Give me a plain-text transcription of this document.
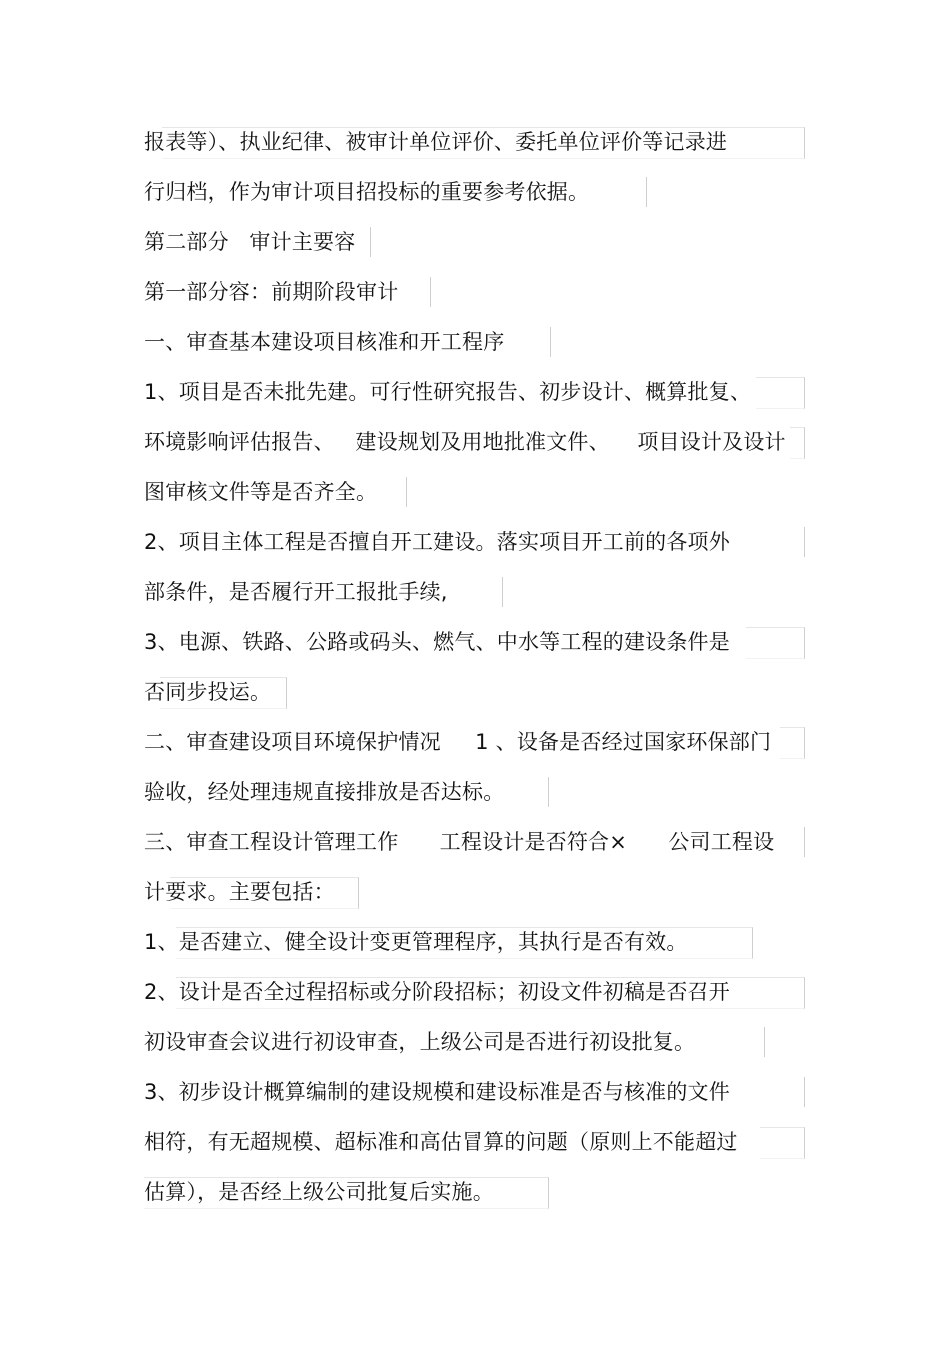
报表等）、执业纪律、被审计单位评价、委托单位评价等记录进
行归档，作为审计项目招投标的重要参考依据。
第二部分   审计主要容
第一部分容：前期阶段审计
一、审查基本建设项目核准和开工程序
1、项目是否未批先建。可行性研究报告、初步设计、概算批复、
环境影响评估报告、   建设规划及用地批准文件、    项目设计及设计
图审核文件等是否齐全。
2、项目主体工程是否擅自开工建设。落实项目开工前的各项外
部条件，是否履行开工报批手续,
3、电源、铁路、公路或码头、燃气、中水等工程的建设条件是
否同步投运。
二、审查建设项目环境保护情况     1 、设备是否经过国家环保部门
验收，经处理违规直接排放是否达标。
三、审查工程设计管理工作      工程设计是否符合×      公司工程设
计要求。主要包括：
1、是否建立、健全设计变更管理程序，其执行是否有效。
2、设计是否全过程招标或分阶段招标；初设文件初稿是否召开
初设审查会议进行初设审查，上级公司是否进行初设批复。
3、初步设计概算编制的建设规模和建设标准是否与核准的文件
相符，有无超规模、超标准和高估冒算的问题（原则上不能超过
估算），是否经上级公司批复后实施。
